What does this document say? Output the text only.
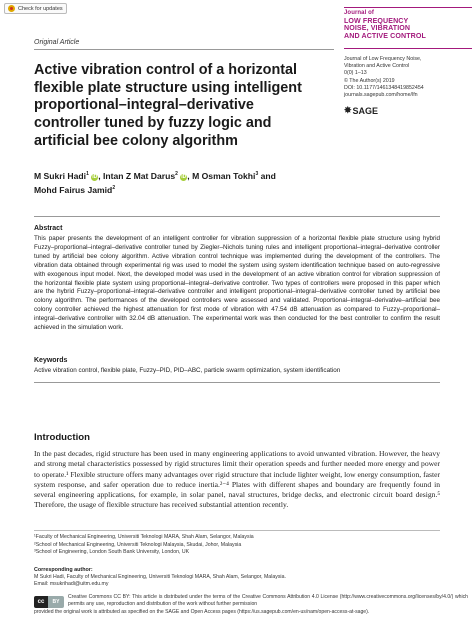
Check for updates
Journal of
LOW FREQUENCY
NOISE, VIBRATION
AND ACTIVE CONTROL
Original Article
Active vibration control of a horizontal flexible plate structure using intelligent proportional–integral–derivative controller tuned by fuzzy logic and artificial bee colony algorithm
Journal of Low Frequency Noise,
Vibration and Active Control
0(0) 1–13
© The Author(s) 2019
DOI: 10.1177/1461348419852454
journals.sagepub.com/home/lfn
✸ SAGE
M Sukri Hadi$^1$ iD, Intan Z Mat Darus$^2$ iD, M Osman Tokhi$^3$ and
Mohd Fairus Jamid$^2$
Abstract
This paper presents the development of an intelligent controller for vibration suppression of a horizontal flexible plate structure using hybrid Fuzzy–proportional–integral–derivative controller tuned by Ziegler–Nichols tuning rules and intelligent proportional–integral–derivative controller tuned by artificial bee colony algorithm. Active vibration control technique was implemented during the development of the controllers. The vibration data obtained through experimental rig was used to model the system using system identification technique based on auto-regressive with exogenous input model. Next, the developed model was used in the development of an active vibration control for vibration suppression of the horizontal flexible plate system using proportional–integral–derivative controller. Two types of controllers were proposed in this paper which are the hybrid Fuzzy–proportional–integral–derivative controller and intelligent proportional–integral–derivative controller tuned by artificial bee colony algorithm. The performances of the developed controllers were assessed and validated. Proportional–integral–derivative–artificial bee colony controller achieved the highest attenuation for first mode of vibration with 47.54 dB attenuation as compared to Fuzzy–proportional–integral–derivative controller with 32.04 dB attenuation. The experimental work was then conducted for the best controller to confirm the result achieved in the simulation work.
Keywords
Active vibration control, flexible plate, Fuzzy–PID, PID–ABC, particle swarm optimization, system identification
Introduction
In the past decades, rigid structure has been used in many engineering applications to avoid unwanted vibration. However, the heavy and strong metal characteristics possessed by rigid structures limit their operation speeds and further needed more energy and power to operate.¹ Flexible structure offers many advantages over rigid structure that include lighter weight, low energy consumption, faster system response, and safer operation due to reduce inertia.²⁻⁴ Plates with different shapes and boundary are frequently found in several engineering applications, for example, in solar panel, naval structures, bridge decks, and electronic circuit board design.⁵ Therefore, the usage of flexible structure has received substantial attention recently.
¹Faculty of Mechanical Engineering, Universiti Teknologi MARA, Shah Alam, Selangor, Malaysia
²School of Mechanical Engineering, Universiti Teknologi Malaysia, Skudai, Johor, Malaysia
³School of Engineering, London South Bank University, London, UK
Corresponding author:
M Sukri Hadi, Faculty of Mechanical Engineering, Universiti Teknologi MARA, Shah Alam, Selangor, Malaysia.
Email: msukrihadi@uitm.edu.my
cc	BY
Creative Commons CC BY: This article is distributed under the terms of the Creative Commons Attribution 4.0 License (http://www.creativecommons.org/licenses/by/4.0/) which permits any use, reproduction and distribution of the work without further permission
provided the original work is attributed as specified on the SAGE and Open Access pages (https://us.sagepub.com/en-us/nam/open-access-at-sage).
